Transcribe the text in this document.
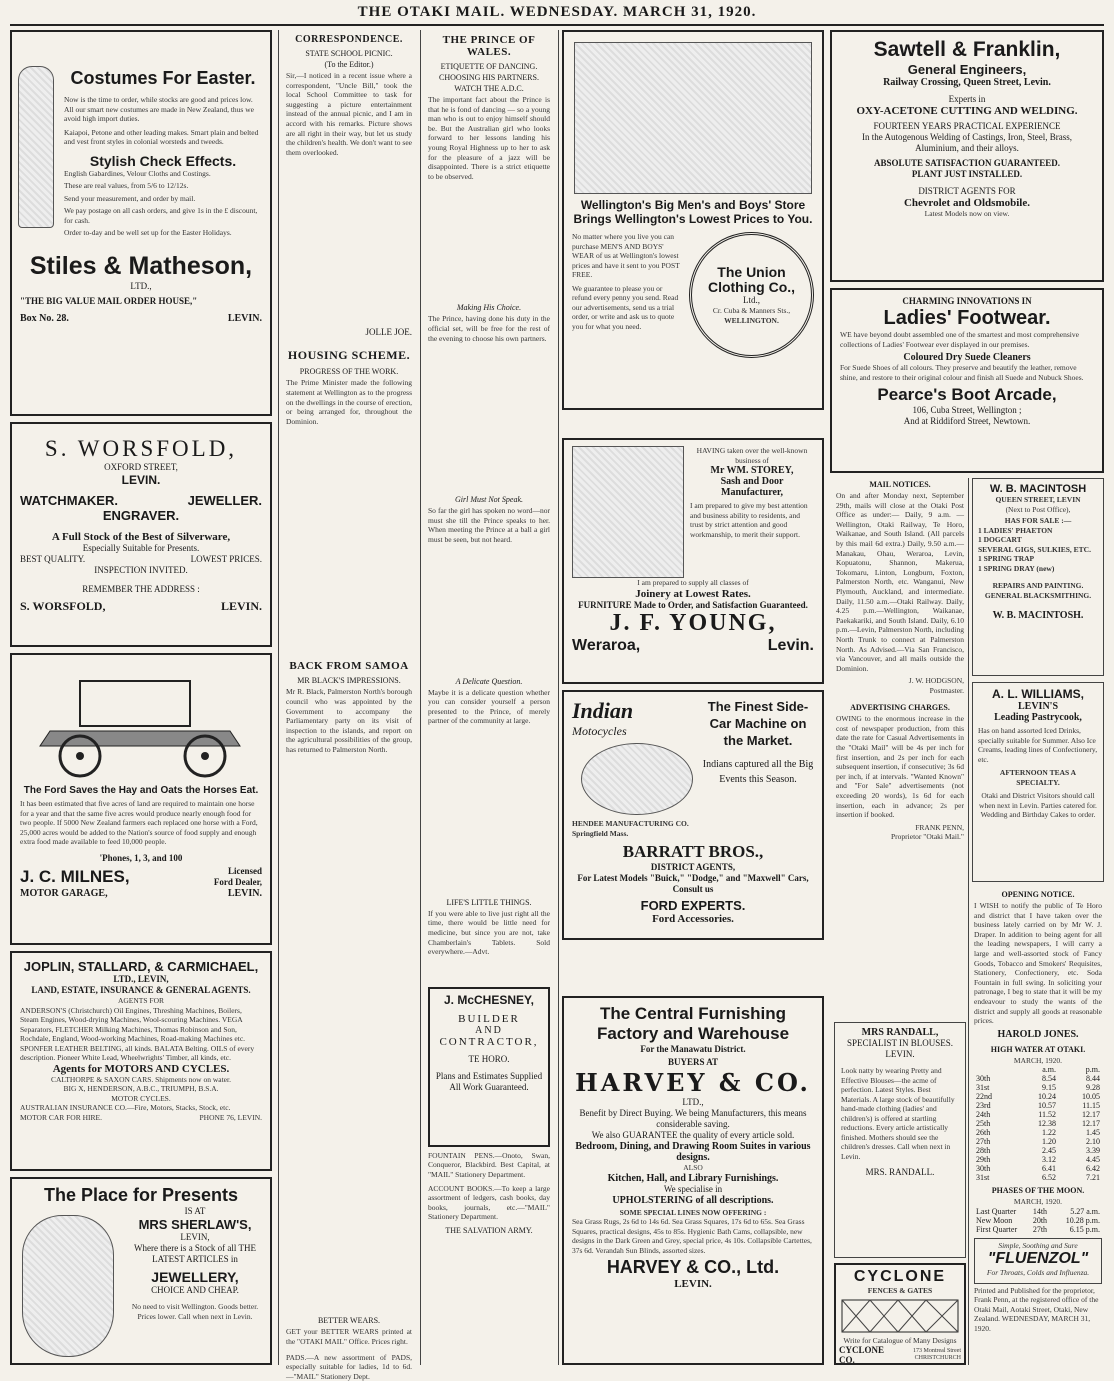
THE OTAKI MAIL. WEDNESDAY. MARCH 31, 1920.
Costumes For Easter.
Now is the time to order, while stocks are good and prices low. All our smart new costumes are made in New Zealand, thus we avoid high import duties.
Kaiapoi, Petone and other leading makes. Smart plain and belted and vest front styles in colonial worsteds and tweeds.
Stylish Check Effects.
English Gabardines, Velour Cloths and Costings.
These are real values, from 5/6 to 12/12s.
Send your measurement, and order by mail.
We pay postage on all cash orders, and give 1s in the £ discount, for cash.
Order to-day and be well set up for the Easter Holidays.
Stiles & Matheson,
LTD.,
"THE BIG VALUE MAIL ORDER HOUSE,"
Box No. 28.	LEVIN.
S. WORSFOLD,
OXFORD STREET,
LEVIN.
WATCHMAKER.	JEWELLER.
ENGRAVER.
A Full Stock of the Best of Silverware,
Especially Suitable for Presents.
BEST QUALITY.	LOWEST PRICES.
INSPECTION INVITED.
REMEMBER THE ADDRESS :
S. WORSFOLD,	LEVIN.
The Ford Saves the Hay and Oats the Horses Eat.
It has been estimated that five acres of land are required to maintain one horse for a year and that the same five acres would produce nearly enough food for two people. If 5000 New Zealand farmers each replaced one horse with a Ford, 25,000 acres would be added to the Nation's source of food supply and enough extra food made available to feed 10,000 people.
'Phones, 1, 3, and 100
J. C. MILNES,	Licensed
Ford Dealer,
MOTOR GARAGE,	LEVIN.
JOPLIN, STALLARD, & CARMICHAEL,
LTD., LEVIN,
LAND, ESTATE, INSURANCE & GENERAL AGENTS.
AGENTS FOR
ANDERSON'S (Christchurch) Oil Engines, Threshing Machines, Boilers, Steam Engines, Wood-drying Machines, Wool-scouring Machines. VEGA Separators, FLETCHER Milking Machines, Thomas Robinson and Son, Rochdale, England, Wood-working Machines, Road-making Machines etc. SPONFER LEATHER BELTING, all kinds. BALATA Belting. OILS of every description. Pioneer White Lead, Wheelwrights' Timber, all kinds, etc.
Agents for MOTORS AND CYCLES.
CALTHORPE & SAXON CARS. Shipments now on water.
BIG X, HENDERSON, A.B.C., TRIUMPH, B.S.A.
MOTOR CYCLES.
AUSTRALIAN INSURANCE CO.—Fire, Motors, Stacks, Stock, etc.
MOTOR CAR FOR HIRE.	PHONE 76, LEVIN.
The Place for Presents
IS AT
MRS SHERLAW'S,
LEVIN,
Where there is a Stock of all THE LATEST ARTICLES in
JEWELLERY,
CHOICE AND CHEAP.
No need to visit Wellington. Goods better. Prices lower. Call when next in Levin.
CORRESPONDENCE.
STATE SCHOOL PICNIC.
(To the Editor.)
Sir,—I noticed in a recent issue where a correspondent, "Uncle Bill," took the local School Committee to task for suggesting a picture entertainment instead of the annual picnic, and I am in accord with his remarks. Picture shows are all right in their way, but let us study the children's health. We don't want to see them overlooked.
JOLLE JOE.
HOUSING SCHEME.
PROGRESS OF THE WORK.
The Prime Minister made the following statement at Wellington as to the progress on the dwellings in the course of erection, or being arranged for, throughout the Dominion.
BACK FROM SAMOA
MR BLACK'S IMPRESSIONS.
Mr R. Black, Palmerston North's borough council who was appointed by the Government to accompany the Parliamentary party on its visit of inspection to the islands, and report on the agricultural possibilities of the group, has returned to Palmerston North.
BETTER WEARS.
GET your BETTER WEARS printed at the "OTAKI MAIL" Office. Prices right.
PADS.—A new assortment of PADS, especially suitable for ladies, 1d to 6d.—"MAIL" Stationery Dept.
THE PRINCE OF WALES.
ETIQUETTE OF DANCING.
CHOOSING HIS PARTNERS.
WATCH THE A.D.C.
The important fact about the Prince is that he is fond of dancing — so a young man who is out to enjoy himself should be. But the Australian girl who looks forward to her lessons landing his young Royal Highness up to her to ask for the pleasure of a jazz will be disappointed. There is a strict etiquette to be observed.
Making His Choice.
The Prince, having done his duty in the official set, will be free for the rest of the evening to choose his own partners.
Girl Must Not Speak.
So far the girl has spoken no word—nor must she till the Prince speaks to her. When meeting the Prince at a ball a girl must be seen, but not heard.
A Delicate Question.
Maybe it is a delicate question whether you can consider yourself a person presented to the Prince, of merely partner of the community at large.
LIFE'S LITTLE THINGS.
If you were able to live just right all the time, there would be little need for medicine, but since you are not, take Chamberlain's Tablets. Sold everywhere.—Advt.
J. McCHESNEY,
BUILDER
AND
CONTRACTOR,
TE HORO.
Plans and Estimates Supplied
All Work Guaranteed.
FOUNTAIN PENS.—Onoto, Swan, Conqueror, Blackbird. Best Capital, at "MAIL" Stationery Department.
ACCOUNT BOOKS.—To keep a large assortment of ledgers, cash books, day books, journals, etc.—"MAIL" Stationery Department.
THE SALVATION ARMY.
Wellington's Big Men's and Boys' Store Brings Wellington's Lowest Prices to You.
No matter where you live you can purchase MEN'S AND BOYS' WEAR of us at Wellington's lowest prices and have it sent to you POST FREE.
We guarantee to please you or refund every penny you send. Read our advertisements, send us a trial order, or write and ask us to quote you for what you need.
The Union Clothing Co.,
Ltd.,
Cr. Cuba & Manners Sts.,
WELLINGTON.
HAVING taken over the well-known business of
Mr WM. STOREY,
Sash and Door Manufacturer,
I am prepared to give my best attention and business ability to residents, and trust by strict attention and good workmanship, to merit their support.
I am prepared to supply all classes of
Joinery at Lowest Rates.
FURNITURE Made to Order, and Satisfaction Guaranteed.
J. F. YOUNG,
Weraroa,	Levin.
Indian
Motocycles
HENDEE MANUFACTURING CO. Springfield Mass.
The Finest Side-Car Machine on the Market.
Indians captured all the Big Events this Season.
BARRATT BROS.,
DISTRICT AGENTS,
For Latest Models "Buick," "Dodge," and "Maxwell" Cars, Consult us
FORD EXPERTS.
Ford Accessories.
The Central Furnishing
Factory and Warehouse
For the Manawatu District.
BUYERS AT
HARVEY & CO.
LTD.,
Benefit by Direct Buying. We being Manufacturers, this means considerable saving.
We also GUARANTEE the quality of every article sold.
Bedroom, Dining, and Drawing Room Suites in various designs.
ALSO
Kitchen, Hall, and Library Furnishings.
We specialise in
UPHOLSTERING of all descriptions.
SOME SPECIAL LINES NOW OFFERING :
Sea Grass Rugs, 2s 6d to 14s 6d. Sea Grass Squares, 17s 6d to 65s. Sea Grass Squares, practical designs, 45s to 85s. Hygienic Bath Cams, collapsible, new designs in the Dark Green and Grey, special price, 4s 10s. Collapsible Cartettes, 37s 6d. Verandah Sun Blinds, assorted sizes.
HARVEY & CO., Ltd.
LEVIN.
Sawtell & Franklin,
General Engineers,
Railway Crossing, Queen Street, Levin.
Experts in
OXY-ACETONE CUTTING AND WELDING.
FOURTEEN YEARS PRACTICAL EXPERIENCE
In the Autogenous Welding of Castings, Iron, Steel, Brass, Aluminium, and their alloys.
ABSOLUTE SATISFACTION GUARANTEED.
PLANT JUST INSTALLED.
DISTRICT AGENTS FOR
Chevrolet and Oldsmobile.
Latest Models now on view.
CHARMING INNOVATIONS IN
Ladies' Footwear.
WE have beyond doubt assembled one of the smartest and most comprehensive collections of Ladies' Footwear ever displayed in our premises.
Coloured Dry Suede Cleaners
For Suede Shoes of all colours. They preserve and beautify the leather, remove shine, and restore to their original colour and finish all Suede and Nubuck Shoes.
Pearce's Boot Arcade,
106, Cuba Street, Wellington ;
And at Riddiford Street, Newtown.
MAIL NOTICES.
On and after Monday next, September 29th, mails will close at the Otaki Post Office as under:— Daily, 9 a.m. — Wellington, Otaki Railway, Te Horo, Waikanae, and South Island. (All parcels by this mail 6d extra.) Daily, 9.50 a.m.—Manakau, Ohau, Weraroa, Levin, Kopuatonu, Shannon, Makerua, Tokomaru, Linton, Longburn, Foxton, Palmerston North, etc. Wanganui, New Plymouth, Auckland, and intermediate. Daily, 11.50 a.m.—Otaki Railway. Daily, 4.25 p.m.—Wellington, Waikanae, Paekakariki, and South Island. Daily, 6.10 p.m.—Levin, Palmerston North, including North Trunk to connect at Palmerston North. As Advised.—Via San Francisco, via Vancouver, and all mails outside the Dominion.
J. W. HODGSON,
Postmaster.
ADVERTISING CHARGES.
OWING to the enormous increase in the cost of newspaper production, from this date the rate for Casual Advertisements in the "Otaki Mail" will be 4s per inch for first insertion, and 2s per inch for each subsequent insertion, if consecutive; 3s 6d per inch, if at intervals. "Wanted Known" and "For Sale" advertisements (not exceeding 20 words), 1s 6d for each insertion, each in advance; 2s per insertion if booked.
FRANK PENN,
Proprietor "Otaki Mail."
MRS RANDALL,
SPECIALIST IN BLOUSES.
LEVIN.
Look natty by wearing Pretty and Effective Blouses—the acme of perfection. Latest Styles. Best Materials. A large stock of beautifully hand-made clothing (ladies' and children's) is offered at startling reductions. Every article artistically finished. Mothers should see the children's dresses. Call when next in Levin.
MRS. RANDALL.
CYCLONE
FENCES & GATES
Write for Catalogue of Many Designs
CYCLONE CO.
173 Montreal Street CHRISTCHURCH
W. B. MACINTOSH
QUEEN STREET, LEVIN
(Next to Post Office),
HAS FOR SALE :—
1 LADIES' PHAETON
1 DOGCART
SEVERAL GIGS, SULKIES, ETC.
1 SPRING TRAP
1 SPRING DRAY (new)
REPAIRS AND PAINTING.
GENERAL BLACKSMITHING.
W. B. MACINTOSH.
A. L. WILLIAMS,
LEVIN'S
Leading Pastrycook,
Has on hand assorted Iced Drinks, specially suitable for Summer. Also Ice Creams, leading lines of Confectionery, etc.
AFTERNOON TEAS A SPECIALTY.
Otaki and District Visitors should call when next in Levin. Parties catered for. Wedding and Birthday Cakes to order.
OPENING NOTICE.
I WISH to notify the public of Te Horo and district that I have taken over the business lately carried on by Mr W. J. Draper. In addition to being agent for all the leading newspapers, I will carry a large and well-assorted stock of Fancy Goods, Tobacco and Smokers' Requisites, Stationery, Confectionery, etc. Soda Fountain in full swing. In soliciting your patronage, I beg to state that it will be my endeavour to study the wants of the district and supply all goods at reasonable prices.
HAROLD JONES.
HIGH WATER AT OTAKI.
MARCH, 1920.
	a.m.	p.m.
30th	8.54	8.44
31st	9.15	9.28
22nd	10.24	10.05
23rd	10.57	11.15
24th	11.52	12.17
25th	12.38	12.17
26th	1.22	1.45
27th	1.20	2.10
28th	2.45	3.39
29th	3.12	4.45
30th	6.41	6.42
31st	6.52	7.21
PHASES OF THE MOON.
MARCH, 1920.
Last Quarter	14th	5.27 a.m.
New Moon	20th	10.28 p.m.
First Quarter	27th	6.15 p.m.
Simple, Soothing and Sure
"FLUENZOL"
For Throats, Colds and Influenza.
Printed and Published for the proprietor, Frank Penn, at the registered office of the Otaki Mail, Aotaki Street, Otaki, New Zealand. WEDNESDAY, MARCH 31, 1920.
